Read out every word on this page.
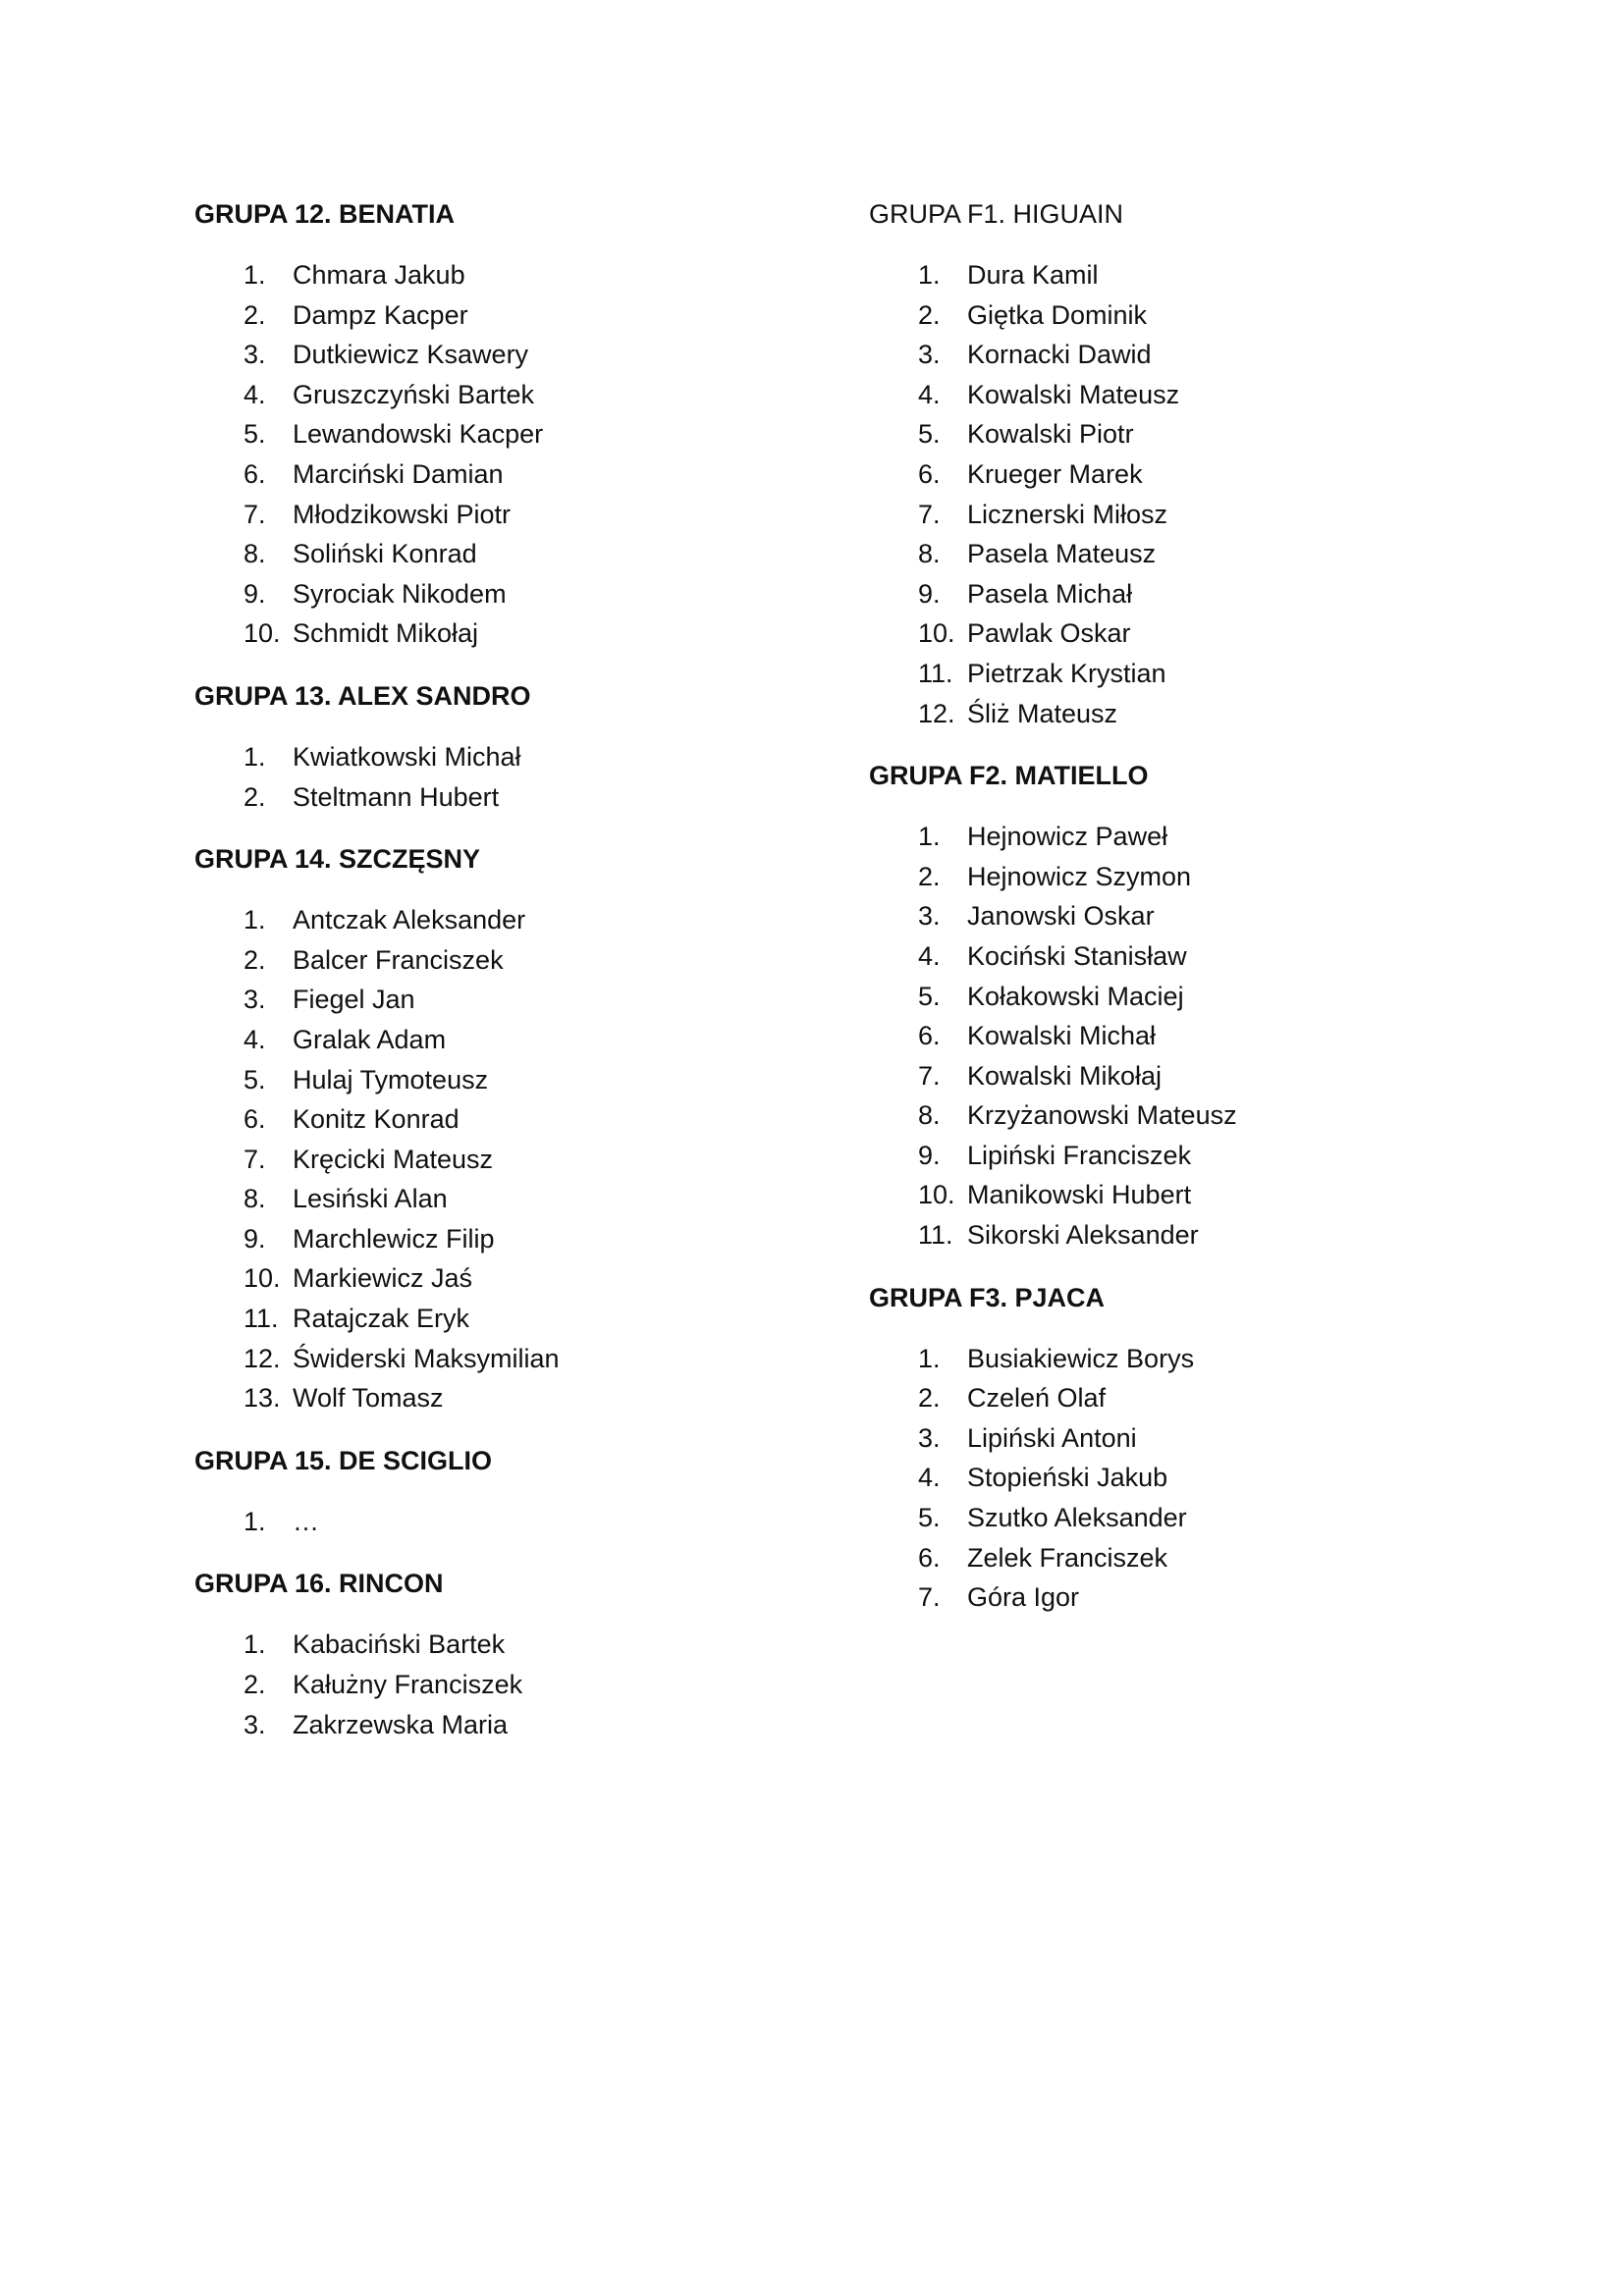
GRUPA 12. BENATIA
1. Chmara Jakub
2. Dampz Kacper
3. Dutkiewicz Ksawery
4. Gruszczyński Bartek
5. Lewandowski Kacper
6. Marciński Damian
7. Młodzikowski Piotr
8. Soliński Konrad
9. Syrociak Nikodem
10. Schmidt Mikołaj
GRUPA 13. ALEX SANDRO
1. Kwiatkowski Michał
2. Steltmann Hubert
GRUPA 14. SZCZĘSNY
1. Antczak Aleksander
2. Balcer Franciszek
3. Fiegel Jan
4. Gralak Adam
5. Hulaj Tymoteusz
6. Konitz Konrad
7. Kręcicki Mateusz
8. Lesiński Alan
9. Marchlewicz Filip
10. Markiewicz Jaś
11. Ratajczak Eryk
12. Świderski Maksymilian
13. Wolf Tomasz
GRUPA 15. DE SCIGLIO
1. …
GRUPA 16. RINCON
1. Kabaciński Bartek
2. Kałużny Franciszek
3. Zakrzewska Maria
GRUPA F1. HIGUAIN
1. Dura Kamil
2. Giętka Dominik
3. Kornacki Dawid
4. Kowalski Mateusz
5. Kowalski Piotr
6. Krueger Marek
7. Licznerski Miłosz
8. Pasela Mateusz
9. Pasela Michał
10. Pawlak Oskar
11. Pietrzak Krystian
12. Śliż Mateusz
GRUPA F2. MATIELLO
1. Hejnowicz Paweł
2. Hejnowicz Szymon
3. Janowski Oskar
4. Kociński Stanisław
5. Kołakowski Maciej
6. Kowalski Michał
7. Kowalski Mikołaj
8. Krzyżanowski Mateusz
9. Lipiński Franciszek
10. Manikowski Hubert
11. Sikorski Aleksander
GRUPA F3. PJACA
1. Busiakiewicz Borys
2. Czeleń Olaf
3. Lipiński Antoni
4. Stopieński Jakub
5. Szutko Aleksander
6. Zelek Franciszek
7. Góra Igor
